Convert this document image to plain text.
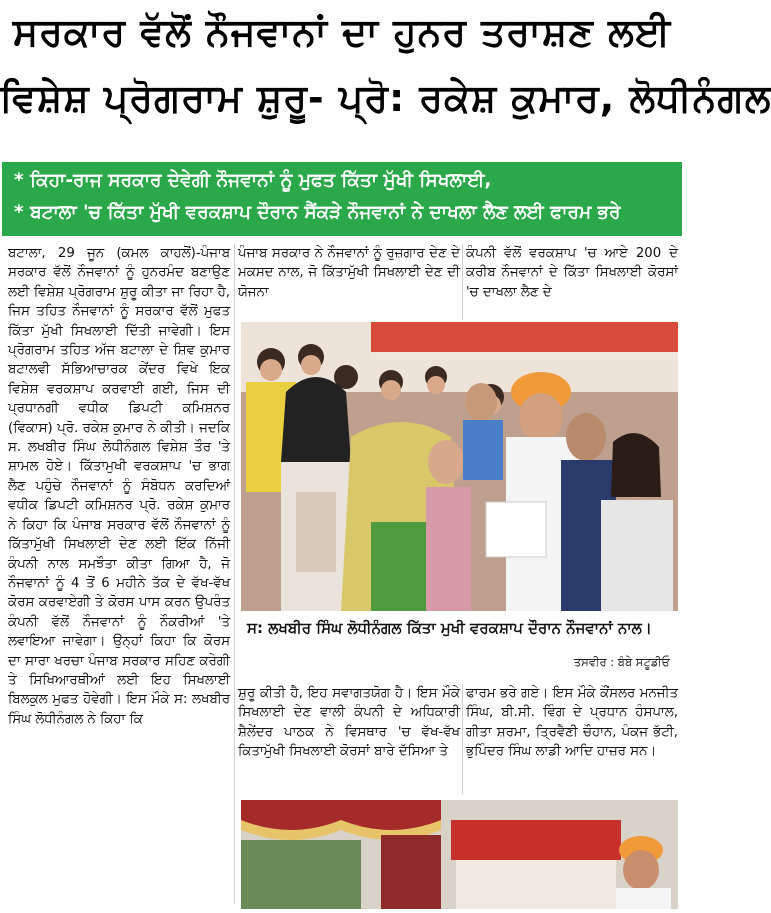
ਸਰਕਾਰ ਵੱਲੋਂ ਨੌਜਵਾਨਾਂ ਦਾ ਹੁਨਰ ਤਰਾਸ਼ਣ ਲਈ
ਵਿਸ਼ੇਸ਼ ਪ੍ਰੋਗਰਾਮ ਸ਼ੁਰੂ- ਪ੍ਰੋ: ਰਕੇਸ਼ ਕੁਮਾਰ, ਲੋਧੀਨੰਗਲ
* ਕਿਹਾ-ਰਾਜ ਸਰਕਾਰ ਦੇਵੇਗੀ ਨੌਜਵਾਨਾਂ ਨੂੰ ਮੁਫਤ ਕਿੱਤਾ ਮੁੱਖੀ ਸਿਖਲਾਈ,
* ਬਟਾਲਾ 'ਚ ਕਿੱਤਾ ਮੁੱਖੀ ਵਰਕਸ਼ਾਪ ਦੌਰਾਨ ਸੈਂਕੜੇ ਨੌਜਵਾਨਾਂ ਨੇ ਦਾਖਲਾ ਲੈਣ ਲਈ ਫਾਰਮ ਭਰੇ

ਬਟਾਲਾ, 29 ਜੂਨ (ਕਮਲ ਕਾਹਲੋਂ)-ਪੰਜਾਬ ਸਰਕਾਰ ਵੱਲੋਂ ਨੌਜਵਾਨਾਂ ਨੂੰ ਹੁਨਰਮੰਦ ਬਣਾਉਣ ਲਈ ਵਿਸ਼ੇਸ਼ ਪ੍ਰੋਗਰਾਮ ਸ਼ੁਰੂ ਕੀਤਾ ਜਾ ਰਿਹਾ ਹੈ, ਜਿਸ ਤਹਿਤ ਨੌਜਵਾਨਾਂ ਨੂੰ ਸਰਕਾਰ ਵੱਲੋਂ ਮੁਫਤ ਕਿੱਤਾ ਮੁੱਖੀ ਸਿਖਲਾਈ ਦਿੱਤੀ ਜਾਵੇਗੀ। ਇਸ ਪ੍ਰੋਗਰਾਮ ਤਹਿਤ ਅੱਜ ਬਟਾਲਾ ਦੇ ਸ਼ਿਵ ਕੁਮਾਰ ਬਟਾਲਵੀ ਸੱਭਿਆਚਾਰਕ ਕੇਂਦਰ ਵਿਖੇ ਇਕ ਵਿਸ਼ੇਸ਼ ਵਰਕਸ਼ਾਪ ਕਰਵਾਈ ਗਈ, ਜਿਸ ਦੀ ਪ੍ਰਧਾਨਗੀ ਵਧੀਕ ਡਿਪਟੀ ਕਮਿਸ਼ਨਰ (ਵਿਕਾਸ) ਪ੍ਰੋ. ਰਕੇਸ਼ ਕੁਮਾਰ ਨੇ ਕੀਤੀ। ਜਦਕਿ ਸ. ਲਖਬੀਰ ਸਿੰਘ ਲੋਧੀਨੰਗਲ ਵਿਸ਼ੇਸ਼ ਤੌਰ 'ਤੇ ਸ਼ਾਮਲ ਹੋਏ। ਕਿੱਤਾਮੁਖੀ ਵਰਕਸ਼ਾਪ 'ਚ ਭਾਗ ਲੈਣ ਪਹੁੰਚੇ ਨੌਜਵਾਨਾਂ ਨੂੰ ਸੰਬੋਧਨ ਕਰਦਿਆਂ ਵਧੀਕ ਡਿਪਟੀ ਕਮਿਸ਼ਨਰ ਪ੍ਰੋ. ਰਕੇਸ਼ ਕੁਮਾਰ ਨੇ ਕਿਹਾ ਕਿ ਪੰਜਾਬ ਸਰਕਾਰ ਵੱਲੋਂ ਨੌਜਵਾਨਾਂ ਨੂੰ ਕਿੱਤਾਮੁੱਖੀ ਸਿਖਲਾਈ ਦੇਣ ਲਈ ਇੱਕ ਨਿੱਜੀ ਕੰਪਨੀ ਨਾਲ ਸਮਝੌਤਾ ਕੀਤਾ ਗਿਆ ਹੈ, ਜੋ ਨੌਜਵਾਨਾਂ ਨੂੰ 4 ਤੋਂ 6 ਮਹੀਨੇ ਤੱਕ ਦੇ ਵੱਖ-ਵੱਖ ਕੋਰਸ ਕਰਵਾਏਗੀ ਤੇ ਕੋਰਸ ਪਾਸ ਕਰਨ ਉਪਰੰਤ ਕੰਪਨੀ ਵੱਲੋਂ ਨੌਜਵਾਨਾਂ ਨੂੰ ਨੌਕਰੀਆਂ 'ਤੇ ਲਵਾਇਆ ਜਾਵੇਗਾ। ਉਨ੍ਹਾਂ ਕਿਹਾ ਕਿ ਕੋਰਸ ਦਾ ਸਾਰਾ ਖਰਚਾ ਪੰਜਾਬ ਸਰਕਾਰ ਸਹਿਣ ਕਰੇਗੀ ਤੇ ਸਿਖਿਆਰਥੀਆਂ ਲਈ ਇਹ ਸਿਖਲਾਈ ਬਿਲਕੁਲ ਮੁਫਤ ਹੋਵੇਗੀ। ਇਸ ਮੌਕੇ ਸ: ਲਖਬੀਰ ਸਿੰਘ ਲੋਧੀਨੰਗਲ ਨੇ ਕਿਹਾ ਕਿ

ਪੰਜਾਬ ਸਰਕਾਰ ਨੇ ਨੌਜਵਾਨਾਂ ਨੂੰ ਰੁਜ਼ਗਾਰ ਦੇਣ ਦੇ ਮਕਸਦ ਨਾਲ, ਜੋ ਕਿੱਤਾਮੁੱਖੀ ਸਿਖਲਾਈ ਦੇਣ ਦੀ ਯੋਜਨਾ

ਕੰਪਨੀ ਵੱਲੋਂ ਵਰਕਸ਼ਾਪ 'ਚ ਆਏ 200 ਦੇ ਕਰੀਬ ਨੌਜਵਾਨਾਂ ਦੇ ਕਿੱਤਾ ਸਿਖਲਾਈ ਕੋਰਸਾਂ 'ਚ ਦਾਖਲਾ ਲੈਣ ਦੇ

ਸ: ਲਖਬੀਰ ਸਿੰਘ ਲੋਧੀਨੰਗਲ ਕਿੱਤਾ ਮੁਖੀ ਵਰਕਸ਼ਾਪ ਦੌਰਾਨ ਨੌਜਵਾਨਾਂ ਨਾਲ।
ਤਸਵੀਰ : ਬੰਬੇ ਸਟੂਡੀਓ

ਸ਼ੁਰੂ ਕੀਤੀ ਹੈ, ਇਹ ਸਵਾਗਤਯੋਗ ਹੈ। ਇਸ ਮੌਕੇ ਸਿਖਲਾਈ ਦੇਣ ਵਾਲੀ ਕੰਪਨੀ ਦੇ ਅਧਿਕਾਰੀ ਸ਼ੈਲੇਂਦਰ ਪਾਠਕ ਨੇ ਵਿਸਥਾਰ 'ਚ ਵੱਖ-ਵੱਖ ਕਿਤਾਮੁੱਖੀ ਸਿਖਲਾਈ ਕੋਰਸਾਂ ਬਾਰੇ ਦੱਸਿਆ ਤੇ

ਫਾਰਮ ਭਰੇ ਗਏ। ਇਸ ਮੌਕੇ ਕੌਂਸਲਰ ਮਨਜੀਤ ਸਿੰਘ, ਬੀ.ਸੀ. ਵਿੰਗ ਦੇ ਪ੍ਰਧਾਨ ਹੰਸਪਾਲ, ਗੀਤਾ ਸ਼ਰਮਾ, ਤ੍ਰਿਵੈਣੀ ਚੌਹਾਨ, ਪੰਕਜ ਭੱਟੀ, ਭੁਪਿੰਦਰ ਸਿੰਘ ਲਾਡੀ ਆਦਿ ਹਾਜ਼ਰ ਸਨ।
